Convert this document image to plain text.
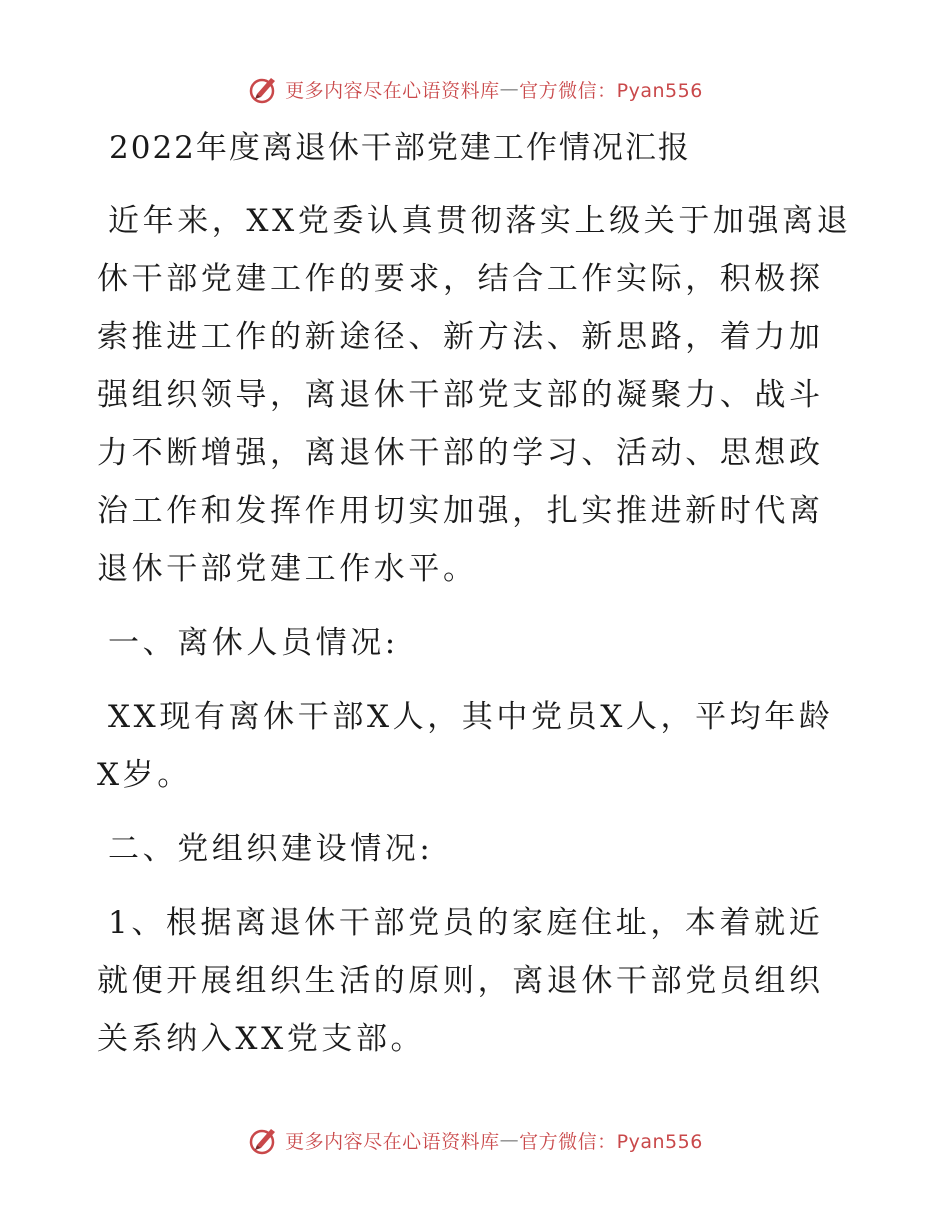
更多内容尽在心语资料库 — 官方微信：Pyan556
2022年度离退休干部党建工作情况汇报

近年来，XX党委认真贯彻落实上级关于加强离退休干部党建工作的要求，结合工作实际，积极探索推进工作的新途径、新方法、新思路，着力加强组织领导，离退休干部党支部的凝聚力、战斗力不断增强，离退休干部的学习、活动、思想政治工作和发挥作用切实加强，扎实推进新时代离退休干部党建工作水平。

一、离休人员情况:

XX现有离休干部X人，其中党员X人，平均年龄X岁。

二、党组织建设情况:

1、根据离退休干部党员的家庭住址，本着就近就便开展组织生活的原则，离退休干部党员组织关系纳入XX党支部。

更多内容尽在心语资料库 — 官方微信：Pyan556
